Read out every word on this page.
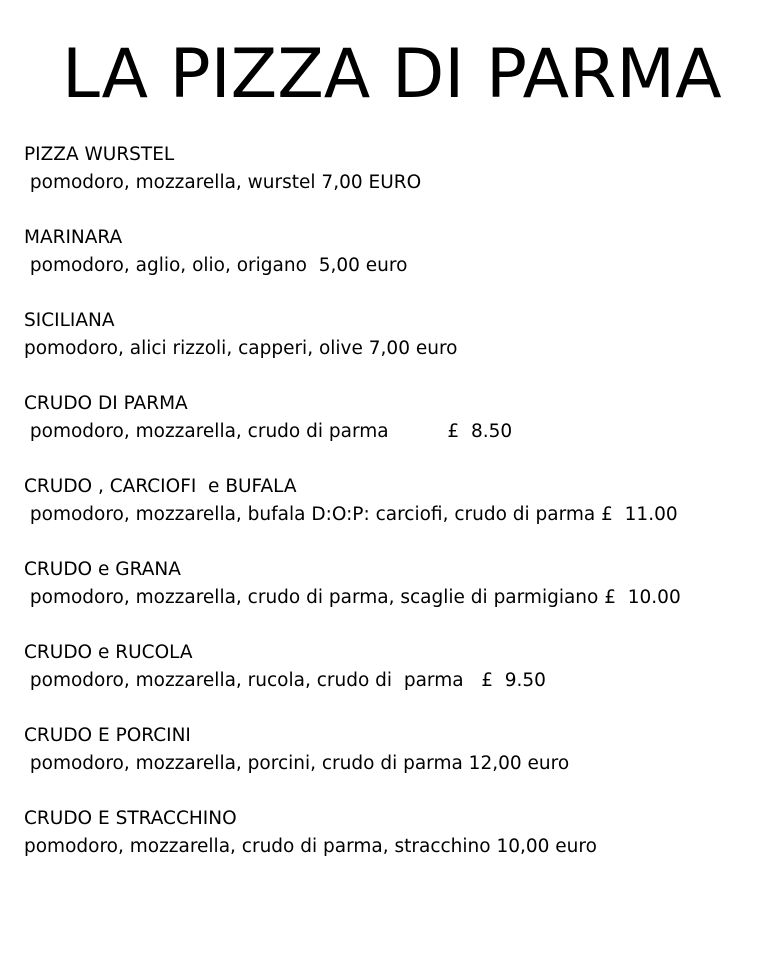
LA PIZZA DI PARMA
PIZZA WURSTEL
pomodoro, mozzarella, wurstel 7,00 EURO
MARINARA
pomodoro, aglio, olio, origano  5,00 euro
SICILIANA
pomodoro, alici rizzoli, capperi, olive 7,00 euro
CRUDO DI PARMA
pomodoro, mozzarella, crudo di parma          £  8.50
CRUDO , CARCIOFI  e BUFALA
pomodoro, mozzarella, bufala D:O:P: carciofi, crudo di parma £  11.00
CRUDO e GRANA
pomodoro, mozzarella, crudo di parma, scaglie di parmigiano £  10.00
CRUDO e RUCOLA
pomodoro, mozzarella, rucola, crudo di  parma   £  9.50
CRUDO E PORCINI
pomodoro, mozzarella, porcini, crudo di parma 12,00 euro
CRUDO E STRACCHINO
pomodoro, mozzarella, crudo di parma, stracchino 10,00 euro
